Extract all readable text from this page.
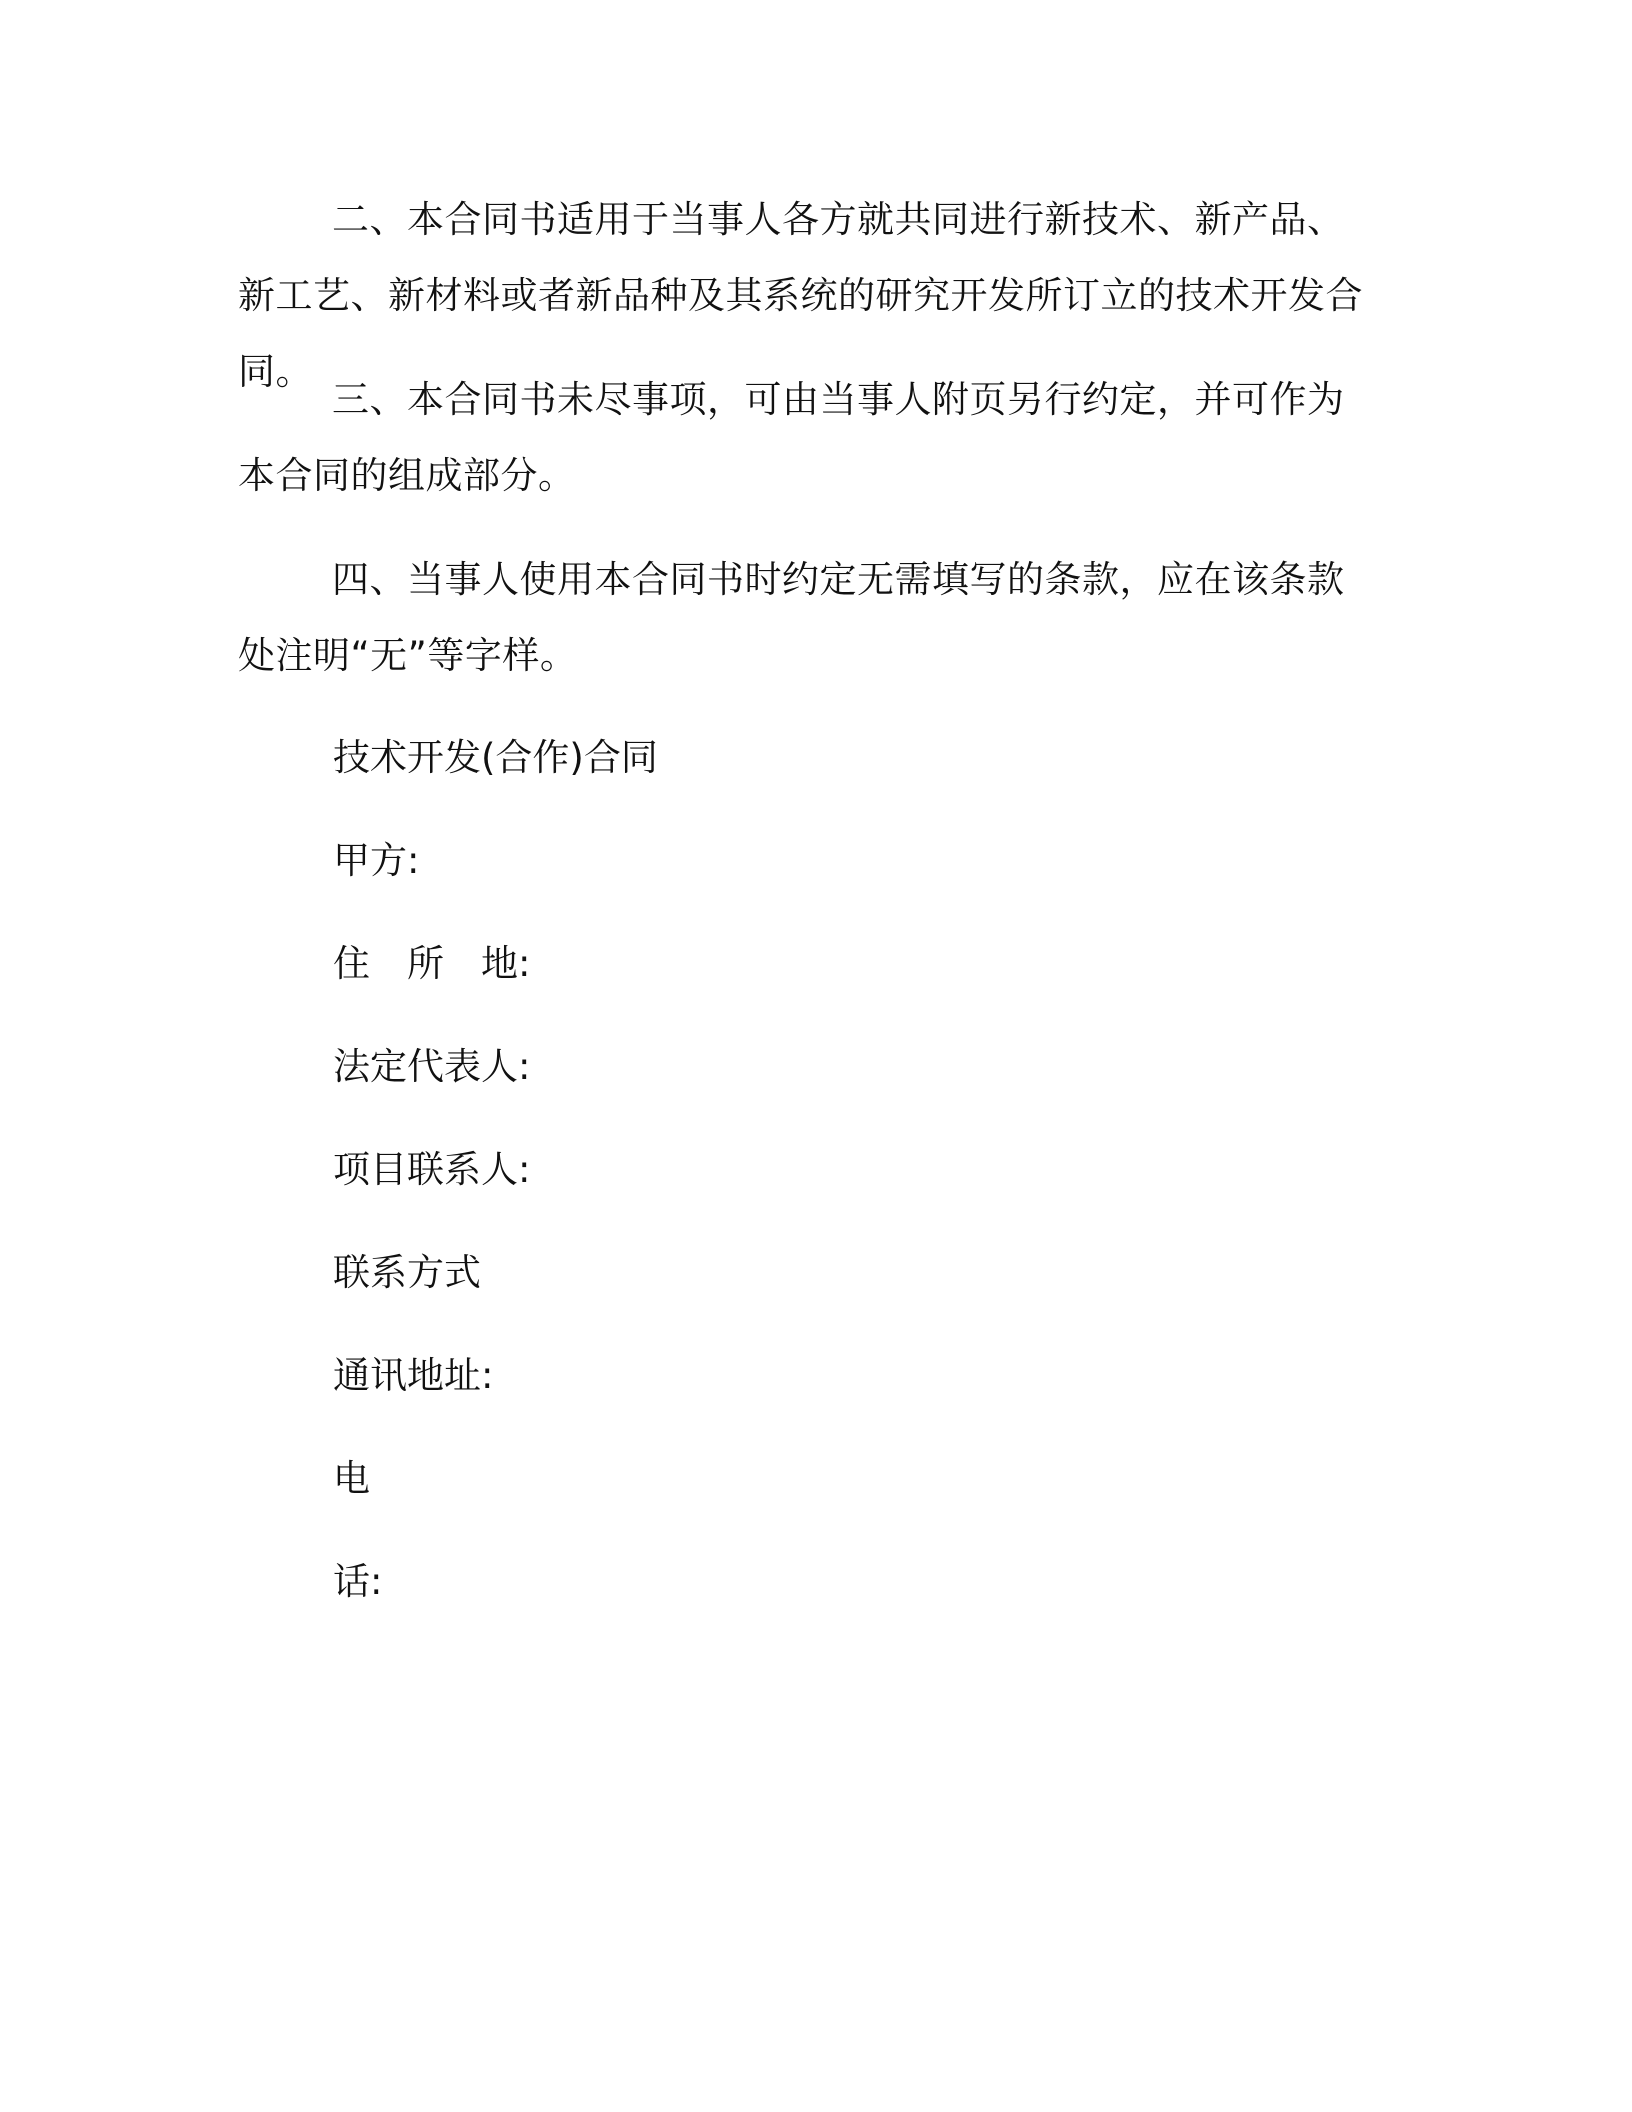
二、本合同书适用于当事人各方就共同进行新技术、新产品、新工艺、新材料或者新品种及其系统的研究开发所订立的技术开发合同。

三、本合同书未尽事项，可由当事人附页另行约定，并可作为本合同的组成部分。

四、当事人使用本合同书时约定无需填写的条款，应在该条款处注明“无”等字样。

技术开发(合作)合同
甲方:
住　所　地:
法定代表人:
项目联系人:
联系方式
通讯地址:
电
话:
